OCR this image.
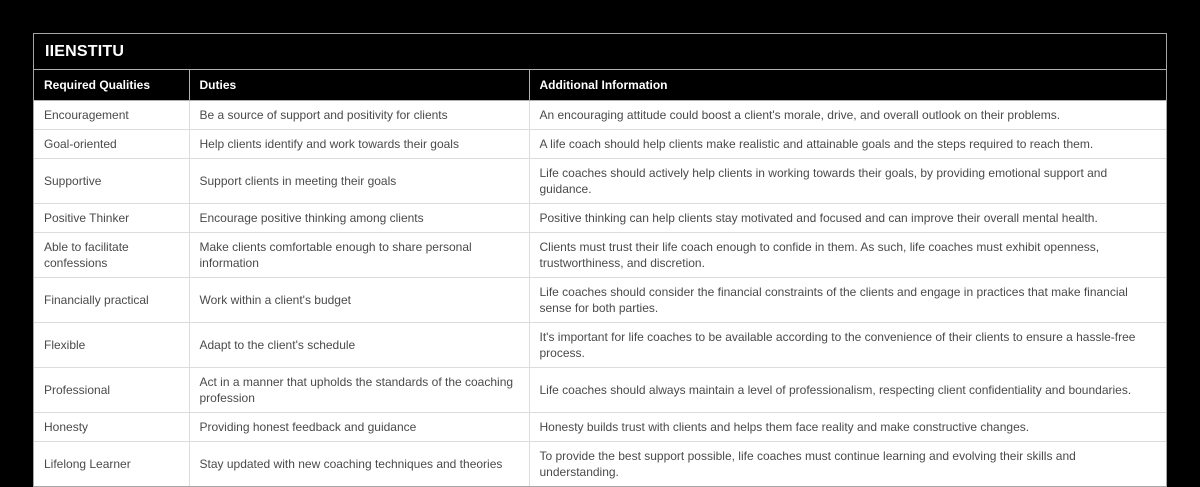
IIENSTITU
Required Qualities	Duties	Additional Information
Encouragement	Be a source of support and positivity for clients	An encouraging attitude could boost a client's morale, drive, and overall outlook on their problems.
Goal-oriented	Help clients identify and work towards their goals	A life coach should help clients make realistic and attainable goals and the steps required to reach them.
Supportive	Support clients in meeting their goals	Life coaches should actively help clients in working towards their goals, by providing emotional support and guidance.
Positive Thinker	Encourage positive thinking among clients	Positive thinking can help clients stay motivated and focused and can improve their overall mental health.
Able to facilitate confessions	Make clients comfortable enough to share personal information	Clients must trust their life coach enough to confide in them. As such, life coaches must exhibit openness, trustworthiness, and discretion.
Financially practical	Work within a client's budget	Life coaches should consider the financial constraints of the clients and engage in practices that make financial sense for both parties.
Flexible	Adapt to the client's schedule	It's important for life coaches to be available according to the convenience of their clients to ensure a hassle-free process.
Professional	Act in a manner that upholds the standards of the coaching profession	Life coaches should always maintain a level of professionalism, respecting client confidentiality and boundaries.
Honesty	Providing honest feedback and guidance	Honesty builds trust with clients and helps them face reality and make constructive changes.
Lifelong Learner	Stay updated with new coaching techniques and theories	To provide the best support possible, life coaches must continue learning and evolving their skills and understanding.
